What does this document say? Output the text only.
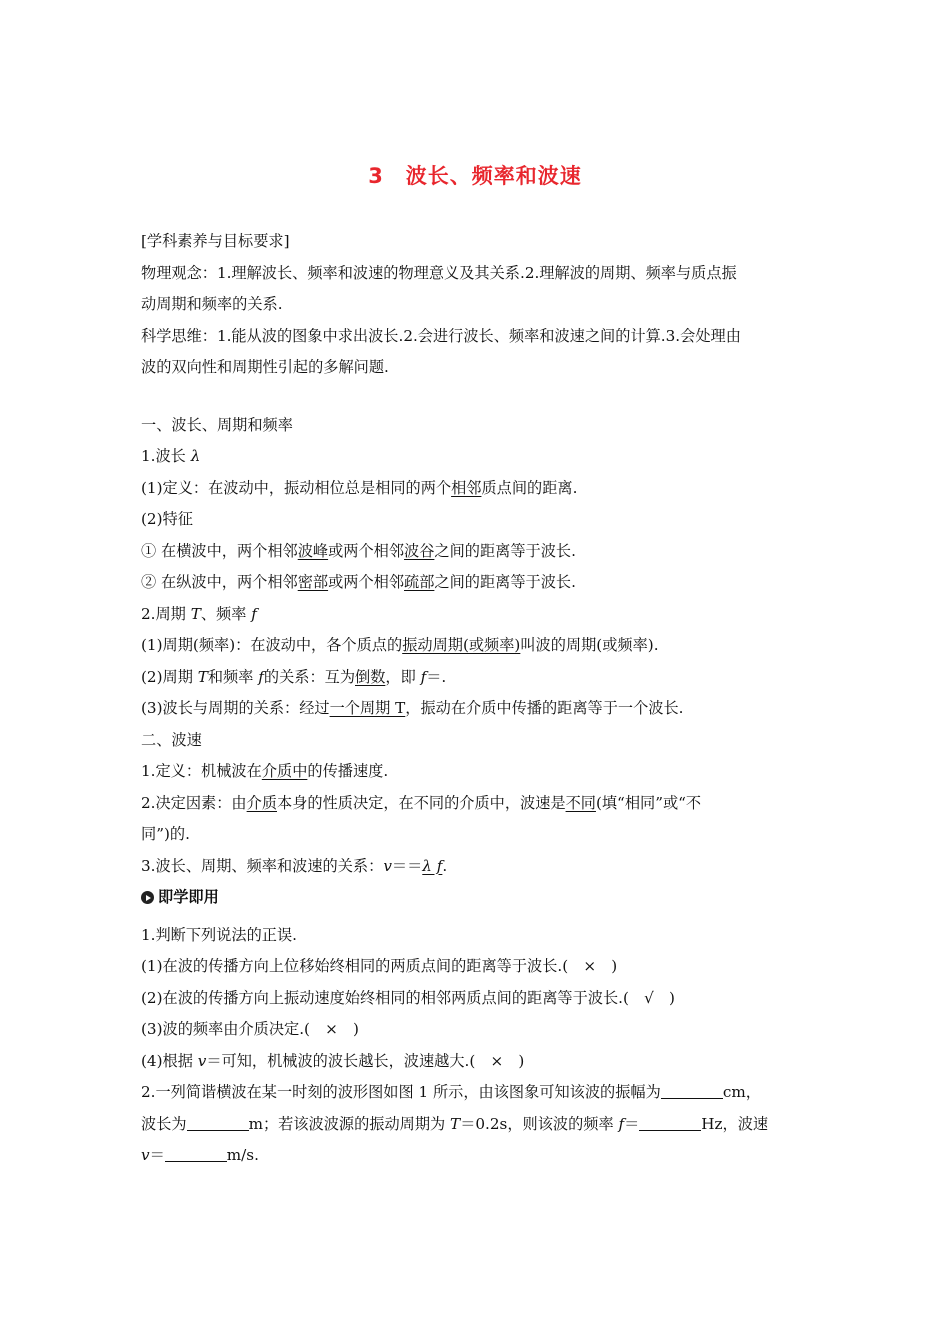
3　波长、频率和波速

[学科素养与目标要求]

物理观念：1.理解波长、频率和波速的物理意义及其关系.2.理解波的周期、频率与质点振

动周期和频率的关系.

科学思维：1.能从波的图象中求出波长.2.会进行波长、频率和波速之间的计算.3.会处理由

波的双向性和周期性引起的多解问题.

一、波长、周期和频率

1.波长 λ

(1)定义：在波动中，振动相位总是相同的两个相邻质点间的距离.

(2)特征

① 在横波中，两个相邻波峰或两个相邻波谷之间的距离等于波长.

② 在纵波中，两个相邻密部或两个相邻疏部之间的距离等于波长.

2.周期 T、频率 f

(1)周期(频率)：在波动中，各个质点的振动周期(或频率)叫波的周期(或频率).

(2)周期 T和频率 f的关系：互为倒数，即 f＝.

(3)波长与周期的关系：经过一个周期 T，振动在介质中传播的距离等于一个波长.

二、波速

1.定义：机械波在介质中的传播速度.

2.决定因素：由介质本身的性质决定，在不同的介质中，波速是不同(填“相同”或“不

同”)的.

3.波长、周期、频率和波速的关系：v＝＝λ f.

即学即用

1.判断下列说法的正误.

(1)在波的传播方向上位移始终相同的两质点间的距离等于波长.(　×　)

(2)在波的传播方向上振动速度始终相同的相邻两质点间的距离等于波长.(　√　)

(3)波的频率由介质决定.(　×　)

(4)根据 v＝可知，机械波的波长越长，波速越大.(　×　)

2.一列简谐横波在某一时刻的波形图如图 1 所示，由该图象可知该波的振幅为	cm，

波长为	m；若该波波源的振动周期为 T＝0.2s，则该波的频率 f＝	Hz，波速

v＝	m/s.
